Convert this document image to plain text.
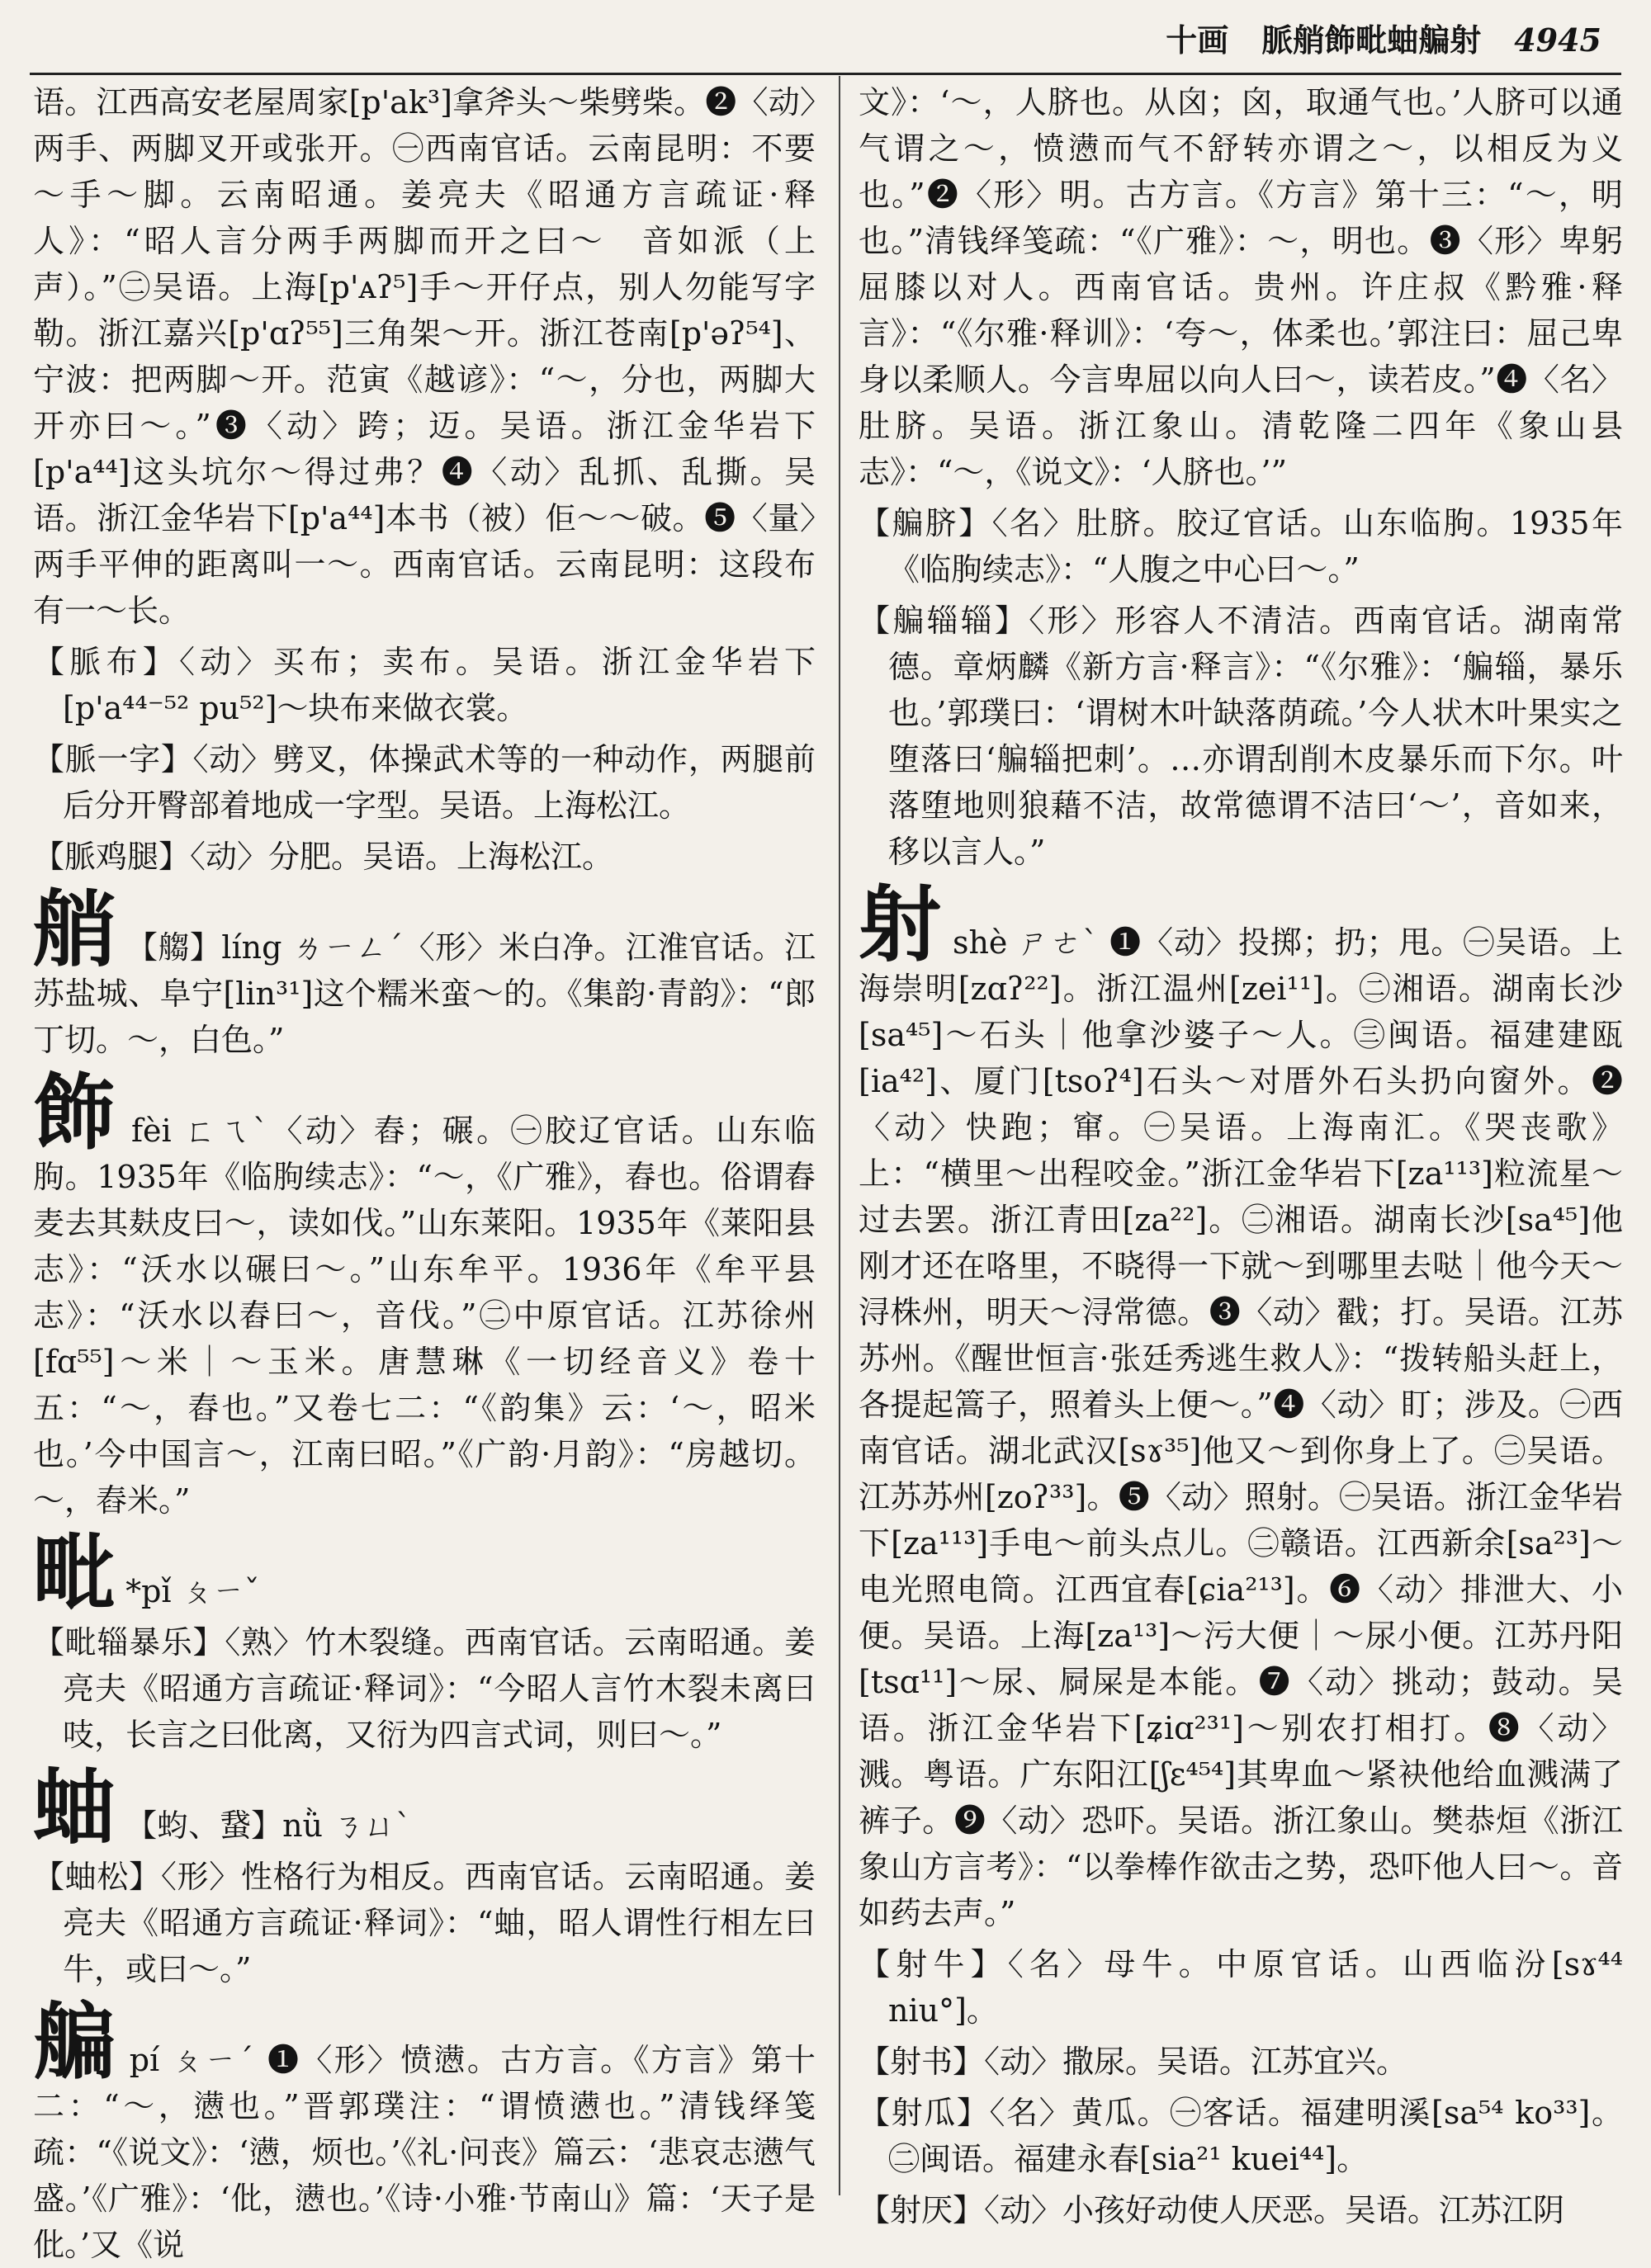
十画 脈艄飾毗蚰艑射 4945

语。江西高安老屋周家[p'ak³]拿斧头～柴劈柴。❷〈动〉两手、两脚叉开或张开。㊀西南官话。云南昆明：不要～手～脚。云南昭通。姜亮夫《昭通方言疏证·释人》：“昭人言分两手两脚而开之曰～　音如派（上声）。”㊁吴语。上海[p'ᴀʔ⁵]手～开仔点，别人勿能写字勒。浙江嘉兴[p'ɑʔ⁵⁵]三角架～开。浙江苍南[p'əʔ⁵⁴]、宁波：把两脚～开。范寅《越谚》：“～，分也，两脚大开亦曰～。”❸〈动〉跨；迈。吴语。浙江金华岩下[p'a⁴⁴]这头坑尔～得过弗？❹〈动〉乱抓、乱撕。吴语。浙江金华岩下[p'a⁴⁴]本书（被）佢～～破。❺〈量〉两手平伸的距离叫一～。西南官话。云南昆明：这段布有一～长。

【脈布】〈动〉买布；卖布。吴语。浙江金华岩下[p'a⁴⁴⁻⁵² pu⁵²]～块布来做衣裳。

【脈一字】〈动〉劈叉，体操武术等的一种动作，两腿前后分开臀部着地成一字型。吴语。上海松江。

【脈鸡腿】〈动〉分肥。吴语。上海松江。

艄 【䑼】líng ㄌㄧㄥˊ〈形〉米白净。江淮官话。江苏盐城、阜宁[lin³¹]这个糯米蛮～的。《集韵·青韵》：“郎丁切。～，白色。”

飾 fèi ㄈㄟˋ〈动〉舂；碾。㊀胶辽官话。山东临朐。1935年《临朐续志》：“～，《广雅》，舂也。俗谓舂麦去其麸皮曰～，读如伐。”山东莱阳。1935年《莱阳县志》：“沃水以碾曰～。”山东牟平。1936年《牟平县志》：“沃水以舂曰～，音伐。”㊁中原官话。江苏徐州[fɑ⁵⁵]～米｜～玉米。唐慧琳《一切经音义》卷十五：“～，舂也。”又卷七二：“《韵集》云：‘～，昭米也。’今中国言～，江南曰昭。”《广韵·月韵》：“房越切。～，舂米。”

毗 *pǐ ㄆㄧˇ

【毗辎暴乐】〈熟〉竹木裂缝。西南官话。云南昭通。姜亮夫《昭通方言疏证·释词》：“今昭人言竹木裂未离曰吱，长言之曰仳离，又衍为四言式词，则曰～。”

蚰 【蚐、䖸】nǜ ㄋㄩˋ

【蚰松】〈形〉性格行为相反。西南官话。云南昭通。姜亮夫《昭通方言疏证·释词》：“蚰，昭人谓性行相左曰牛，或曰～。”

艑 pí ㄆㄧˊ ❶〈形〉愤懑。古方言。《方言》第十二：“～，懑也。”晋郭璞注：“谓愤懑也。”清钱绎笺疏：“《说文》：‘懑，烦也。’《礼·问丧》篇云：‘悲哀志懑气盛。’《广雅》：‘仳，懑也。’《诗·小雅·节南山》篇：‘天子是仳。’又《说

文》：‘～，人脐也。从囟；囟，取通气也。’人脐可以通气谓之～，愤懑而气不舒转亦谓之～，以相反为义也。”❷〈形〉明。古方言。《方言》第十三：“～，明也。”清钱绎笺疏：“《广雅》：～，明也。❸〈形〉卑躬屈膝以对人。西南官话。贵州。许庄叔《黔雅·释言》：“《尔雅·释训》：‘夸～，体柔也。’郭注曰：屈己卑身以柔顺人。今言卑屈以向人曰～，读若皮。”❹〈名〉肚脐。吴语。浙江象山。清乾隆二四年《象山县志》：“～，《说文》：‘人脐也。’”

【艑脐】〈名〉肚脐。胶辽官话。山东临朐。1935年《临朐续志》：“人腹之中心曰～。”

【艑辎辎】〈形〉形容人不清洁。西南官话。湖南常德。章炳麟《新方言·释言》：“《尔雅》：‘艑辎，暴乐也。’郭璞曰：‘谓树木叶缺落荫疏。’今人状木叶果实之堕落曰‘艑辎把刺’。…亦谓刮削木皮暴乐而下尔。叶落堕地则狼藉不洁，故常德谓不洁曰‘～’，音如来，移以言人。”

射 shè ㄕㄜˋ ❶〈动〉投掷；扔；甩。㊀吴语。上海崇明[zɑʔ²²]。浙江温州[zei¹¹]。㊁湘语。湖南长沙[sa⁴⁵]～石头｜他拿沙婆子～人。㊂闽语。福建建瓯[ia⁴²]、厦门[tsoʔ⁴]石头～对厝外石头扔向窗外。❷〈动〉快跑；窜。㊀吴语。上海南汇。《哭丧歌》上：“横里～出程咬金。”浙江金华岩下[za¹¹³]粒流星～过去罢。浙江青田[za²²]。㊁湘语。湖南长沙[sa⁴⁵]他刚才还在咯里，不晓得一下就～到哪里去哒｜他今天～浔株州，明天～浔常德。❸〈动〉戳；打。吴语。江苏苏州。《醒世恒言·张廷秀逃生救人》：“拨转船头赶上，各提起篙子，照着头上便～。”❹〈动〉盯；涉及。㊀西南官话。湖北武汉[sɤ³⁵]他又～到你身上了。㊁吴语。江苏苏州[zoʔ³³]。❺〈动〉照射。㊀吴语。浙江金华岩下[za¹¹³]手电～前头点儿。㊁赣语。江西新余[sa²³]～电光照电筒。江西宜春[ɕia²¹³]。❻〈动〉排泄大、小便。吴语。上海[za¹³]～污大便｜～尿小便。江苏丹阳[tsɑ¹¹]～尿、屙屎是本能。❼〈动〉挑动；鼓动。吴语。浙江金华岩下[ʑiɑ²³¹]～别农打相打。❽〈动〉溅。粤语。广东阳江[ʃɛ⁴⁵⁴]其卑血～紧袂他给血溅满了裤子。❾〈动〉恐吓。吴语。浙江象山。樊恭烜《浙江象山方言考》：“以拳棒作欲击之势，恐吓他人曰～。音如药去声。”

【射牛】〈名〉母牛。中原官话。山西临汾[sɤ⁴⁴ niu°]。

【射书】〈动〉撒尿。吴语。江苏宜兴。

【射瓜】〈名〉黄瓜。㊀客话。福建明溪[sa⁵⁴ ko³³]。㊁闽语。福建永春[sia²¹ kuei⁴⁴]。

【射厌】〈动〉小孩好动使人厌恶。吴语。江苏江阴
